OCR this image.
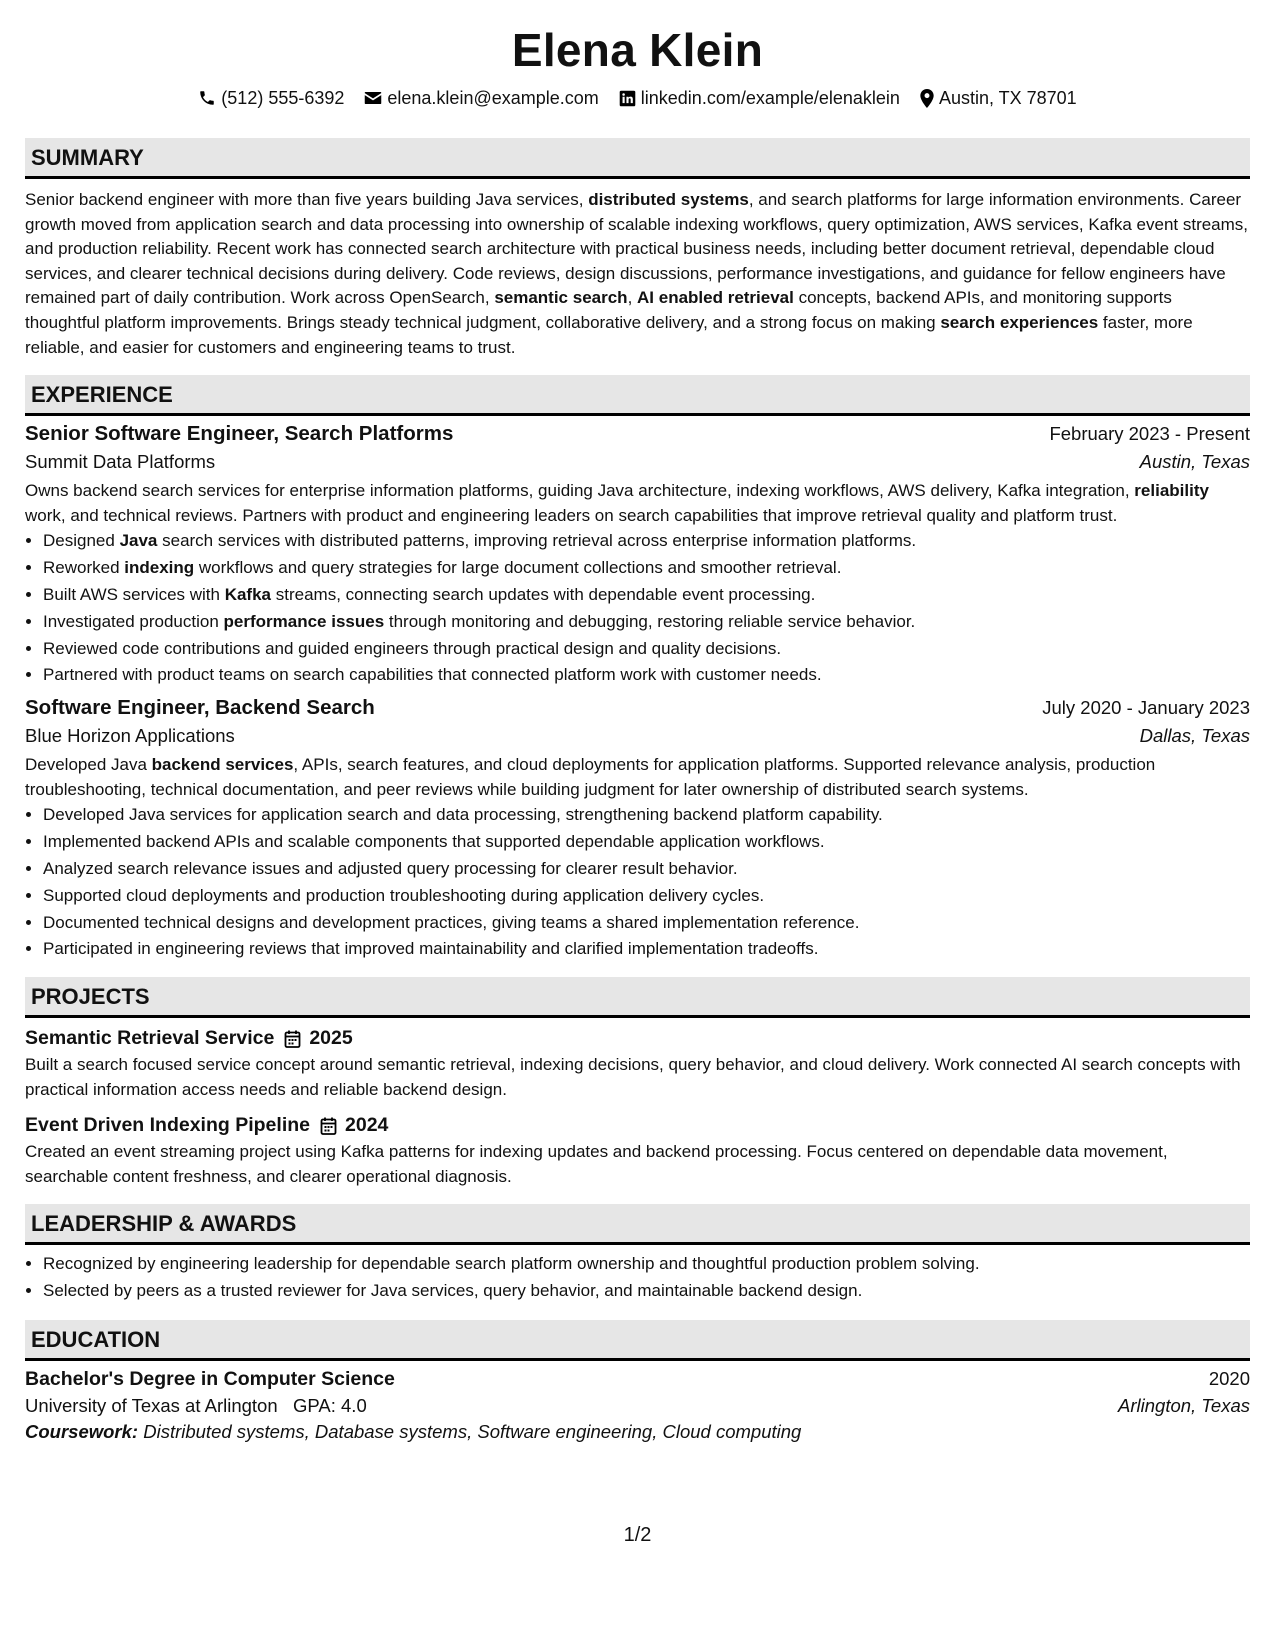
Elena Klein
(512) 555-6392 elena.klein@example.com linkedin.com/example/elenaklein Austin, TX 78701
SUMMARY
Senior backend engineer with more than five years building Java services, distributed systems, and search platforms for large information environments. Career growth moved from application search and data processing into ownership of scalable indexing workflows, query optimization, AWS services, Kafka event streams, and production reliability. Recent work has connected search architecture with practical business needs, including better document retrieval, dependable cloud services, and clearer technical decisions during delivery. Code reviews, design discussions, performance investigations, and guidance for fellow engineers have remained part of daily contribution. Work across OpenSearch, semantic search, AI enabled retrieval concepts, backend APIs, and monitoring supports thoughtful platform improvements. Brings steady technical judgment, collaborative delivery, and a strong focus on making search experiences faster, more reliable, and easier for customers and engineering teams to trust.
EXPERIENCE
Senior Software Engineer, Search Platforms	February 2023 - Present
Summit Data Platforms	Austin, Texas
Owns backend search services for enterprise information platforms, guiding Java architecture, indexing workflows, AWS delivery, Kafka integration, reliability work, and technical reviews. Partners with product and engineering leaders on search capabilities that improve retrieval quality and platform trust.
• Designed Java search services with distributed patterns, improving retrieval across enterprise information platforms.
• Reworked indexing workflows and query strategies for large document collections and smoother retrieval.
• Built AWS services with Kafka streams, connecting search updates with dependable event processing.
• Investigated production performance issues through monitoring and debugging, restoring reliable service behavior.
• Reviewed code contributions and guided engineers through practical design and quality decisions.
• Partnered with product teams on search capabilities that connected platform work with customer needs.
Software Engineer, Backend Search	July 2020 - January 2023
Blue Horizon Applications	Dallas, Texas
Developed Java backend services, APIs, search features, and cloud deployments for application platforms. Supported relevance analysis, production troubleshooting, technical documentation, and peer reviews while building judgment for later ownership of distributed search systems.
• Developed Java services for application search and data processing, strengthening backend platform capability.
• Implemented backend APIs and scalable components that supported dependable application workflows.
• Analyzed search relevance issues and adjusted query processing for clearer result behavior.
• Supported cloud deployments and production troubleshooting during application delivery cycles.
• Documented technical designs and development practices, giving teams a shared implementation reference.
• Participated in engineering reviews that improved maintainability and clarified implementation tradeoffs.
PROJECTS
Semantic Retrieval Service 2025
Built a search focused service concept around semantic retrieval, indexing decisions, query behavior, and cloud delivery. Work connected AI search concepts with practical information access needs and reliable backend design.
Event Driven Indexing Pipeline 2024
Created an event streaming project using Kafka patterns for indexing updates and backend processing. Focus centered on dependable data movement, searchable content freshness, and clearer operational diagnosis.
LEADERSHIP & AWARDS
• Recognized by engineering leadership for dependable search platform ownership and thoughtful production problem solving.
• Selected by peers as a trusted reviewer for Java services, query behavior, and maintainable backend design.
EDUCATION
Bachelor's Degree in Computer Science	2020
University of Texas at Arlington GPA: 4.0	Arlington, Texas
Coursework: Distributed systems, Database systems, Software engineering, Cloud computing
1/2
